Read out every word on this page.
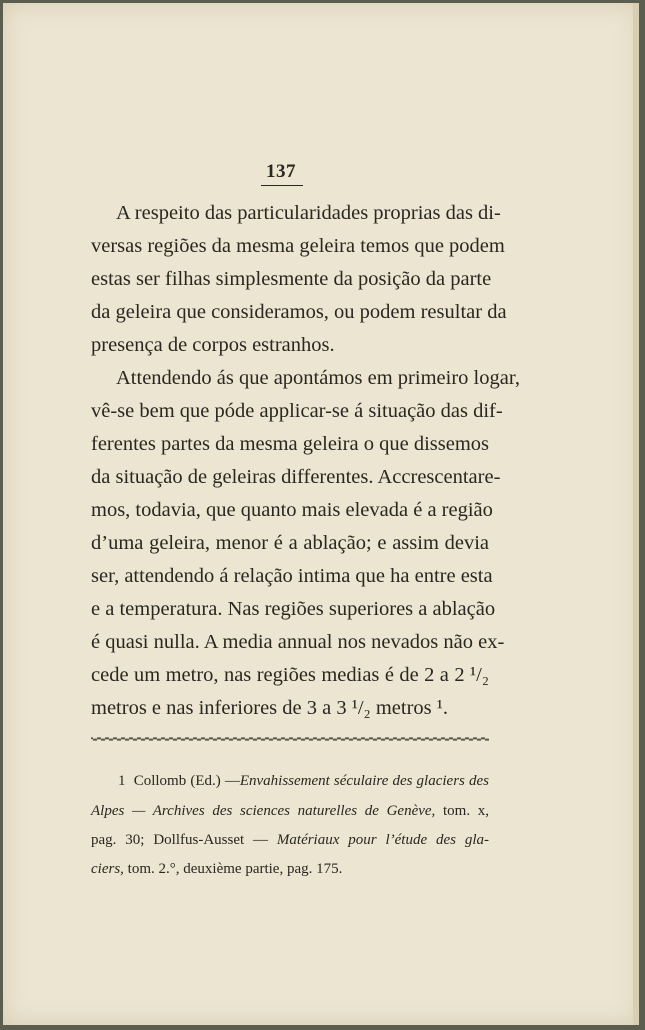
137
A respeito das particularidades proprias das di-
versas regiões da mesma geleira temos que podem
estas ser filhas simplesmente da posição da parte
da geleira que consideramos, ou podem resultar da
presença de corpos estranhos.
Attendendo ás que apontámos em primeiro logar,
vê-se bem que póde applicar-se á situação das dif-
ferentes partes da mesma geleira o que dissemos
da situação de geleiras differentes. Accrescentare-
mos, todavia, que quanto mais elevada é a região
d’uma geleira, menor é a ablação; e assim devia
ser, attendendo á relação intima que ha entre esta
e a temperatura. Nas regiões superiores a ablação
é quasi nulla. A media annual nos nevados não ex-
cede um metro, nas regiões medias é de 2 a 2 ¹/₂
metros e nas inferiores de 3 a 3 ¹/₂ metros ¹.
1 Collomb (Ed.) —Envahissement séculaire des glaciers des
Alpes — Archives des sciences naturelles de Genève, tom. x,
pag. 30; Dollfus-Ausset — Matériaux pour l’étude des gla-
ciers, tom. 2.°, deuxième partie, pag. 175.
